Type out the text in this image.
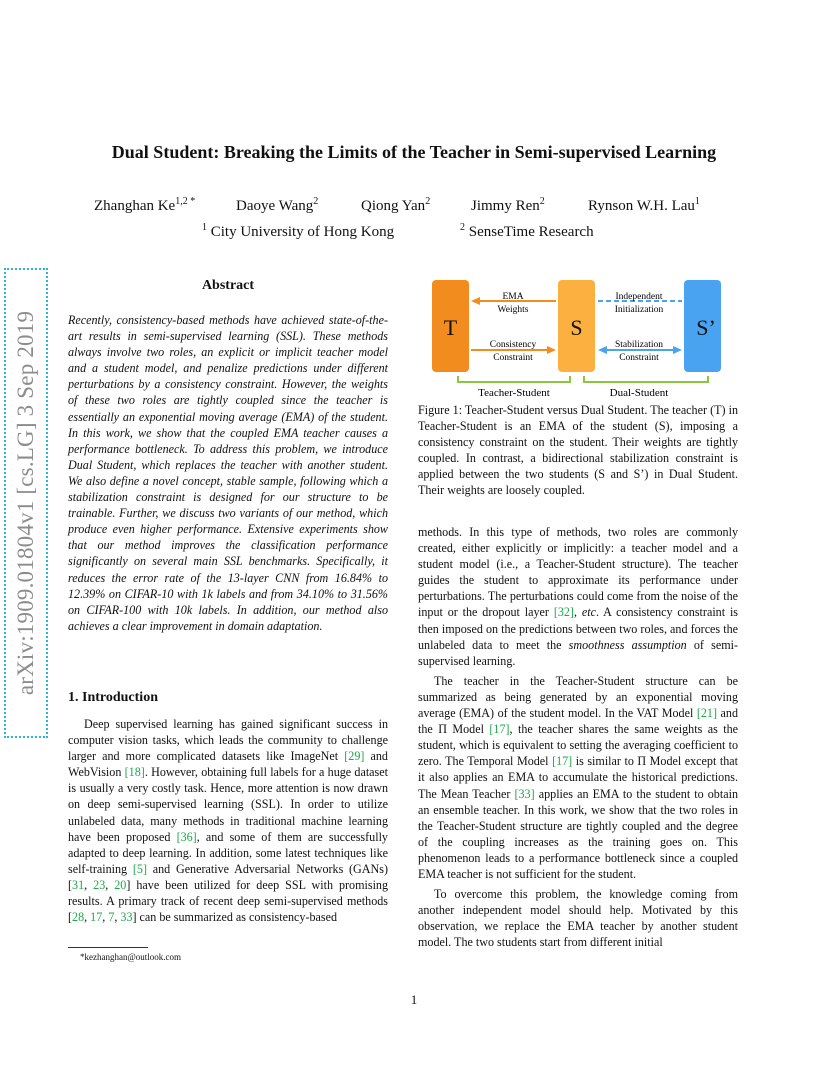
arXiv:1909.01804v1 [cs.LG] 3 Sep 2019
Dual Student: Breaking the Limits of the Teacher in Semi-supervised Learning
Zhanghan $Ke^{1,2 *}$	Daoye Wang$^2$	Qiong Yan$^2$	Jimmy Ren$^2$	Rynson W.H. Lau$^1$
$^1$ City University of Hong Kong	$^2$ SenseTime Research
Abstract
Recently, consistency-based methods have achieved state-of-the-art results in semi-supervised learning (SSL). These methods always involve two roles, an explicit or implicit teacher model and a student model, and penalize predictions under different perturbations by a consistency constraint. However, the weights of these two roles are tightly coupled since the teacher is essentially an exponential moving average (EMA) of the student. In this work, we show that the coupled EMA teacher causes a performance bottleneck. To address this problem, we introduce Dual Student, which replaces the teacher with another student. We also define a novel concept, stable sample, following which a stabilization constraint is designed for our structure to be trainable. Further, we discuss two variants of our method, which produce even higher performance. Extensive experiments show that our method improves the classification performance significantly on several main SSL benchmarks. Specifically, it reduces the error rate of the 13-layer CNN from 16.84% to 12.39% on CIFAR-10 with 1k labels and from 34.10% to 31.56% on CIFAR-100 with 10k labels. In addition, our method also achieves a clear improvement in domain adaptation.
1. Introduction

Deep supervised learning has gained significant success in computer vision tasks, which leads the community to challenge larger and more complicated datasets like ImageNet [29] and WebVision [18]. However, obtaining full labels for a huge dataset is usually a very costly task. Hence, more attention is now drawn on deep semi-supervised learning (SSL). In order to utilize unlabeled data, many methods in traditional machine learning have been proposed [36], and some of them are successfully adapted to deep learning. In addition, some latest techniques like self-training [5] and Generative Adversarial Networks (GANs) [31, 23, 20] have been utilized for deep SSL with promising results. A primary track of recent deep semi-supervised methods [28, 17, 7, 33] can be summarized as consistency-based

*kezhanghan@outlook.com
T	S	S’
EMA
Weights
Consistency
Constraint
Independent
Initialization
Stabilization
Constraint
Teacher-Student	Dual-Student
Figure 1: Teacher-Student versus Dual Student. The teacher (T) in Teacher-Student is an EMA of the student (S), imposing a consistency constraint on the student. Their weights are tightly coupled. In contrast, a bidirectional stabilization constraint is applied between the two students (S and S’) in Dual Student. Their weights are loosely coupled.

methods. In this type of methods, two roles are commonly created, either explicitly or implicitly: a teacher model and a student model (i.e., a Teacher-Student structure). The teacher guides the student to approximate its performance under perturbations. The perturbations could come from the noise of the input or the dropout layer [32], etc. A consistency constraint is then imposed on the predictions between two roles, and forces the unlabeled data to meet the smoothness assumption of semi-supervised learning.

The teacher in the Teacher-Student structure can be summarized as being generated by an exponential moving average (EMA) of the student model. In the VAT Model [21] and the Π Model [17], the teacher shares the same weights as the student, which is equivalent to setting the averaging coefficient to zero. The Temporal Model [17] is similar to Π Model except that it also applies an EMA to accumulate the historical predictions. The Mean Teacher [33] applies an EMA to the student to obtain an ensemble teacher. In this work, we show that the two roles in the Teacher-Student structure are tightly coupled and the degree of the coupling increases as the training goes on. This phenomenon leads to a performance bottleneck since a coupled EMA teacher is not sufficient for the student.

To overcome this problem, the knowledge coming from another independent model should help. Motivated by this observation, we replace the EMA teacher by another student model. The two students start from different initial

1
